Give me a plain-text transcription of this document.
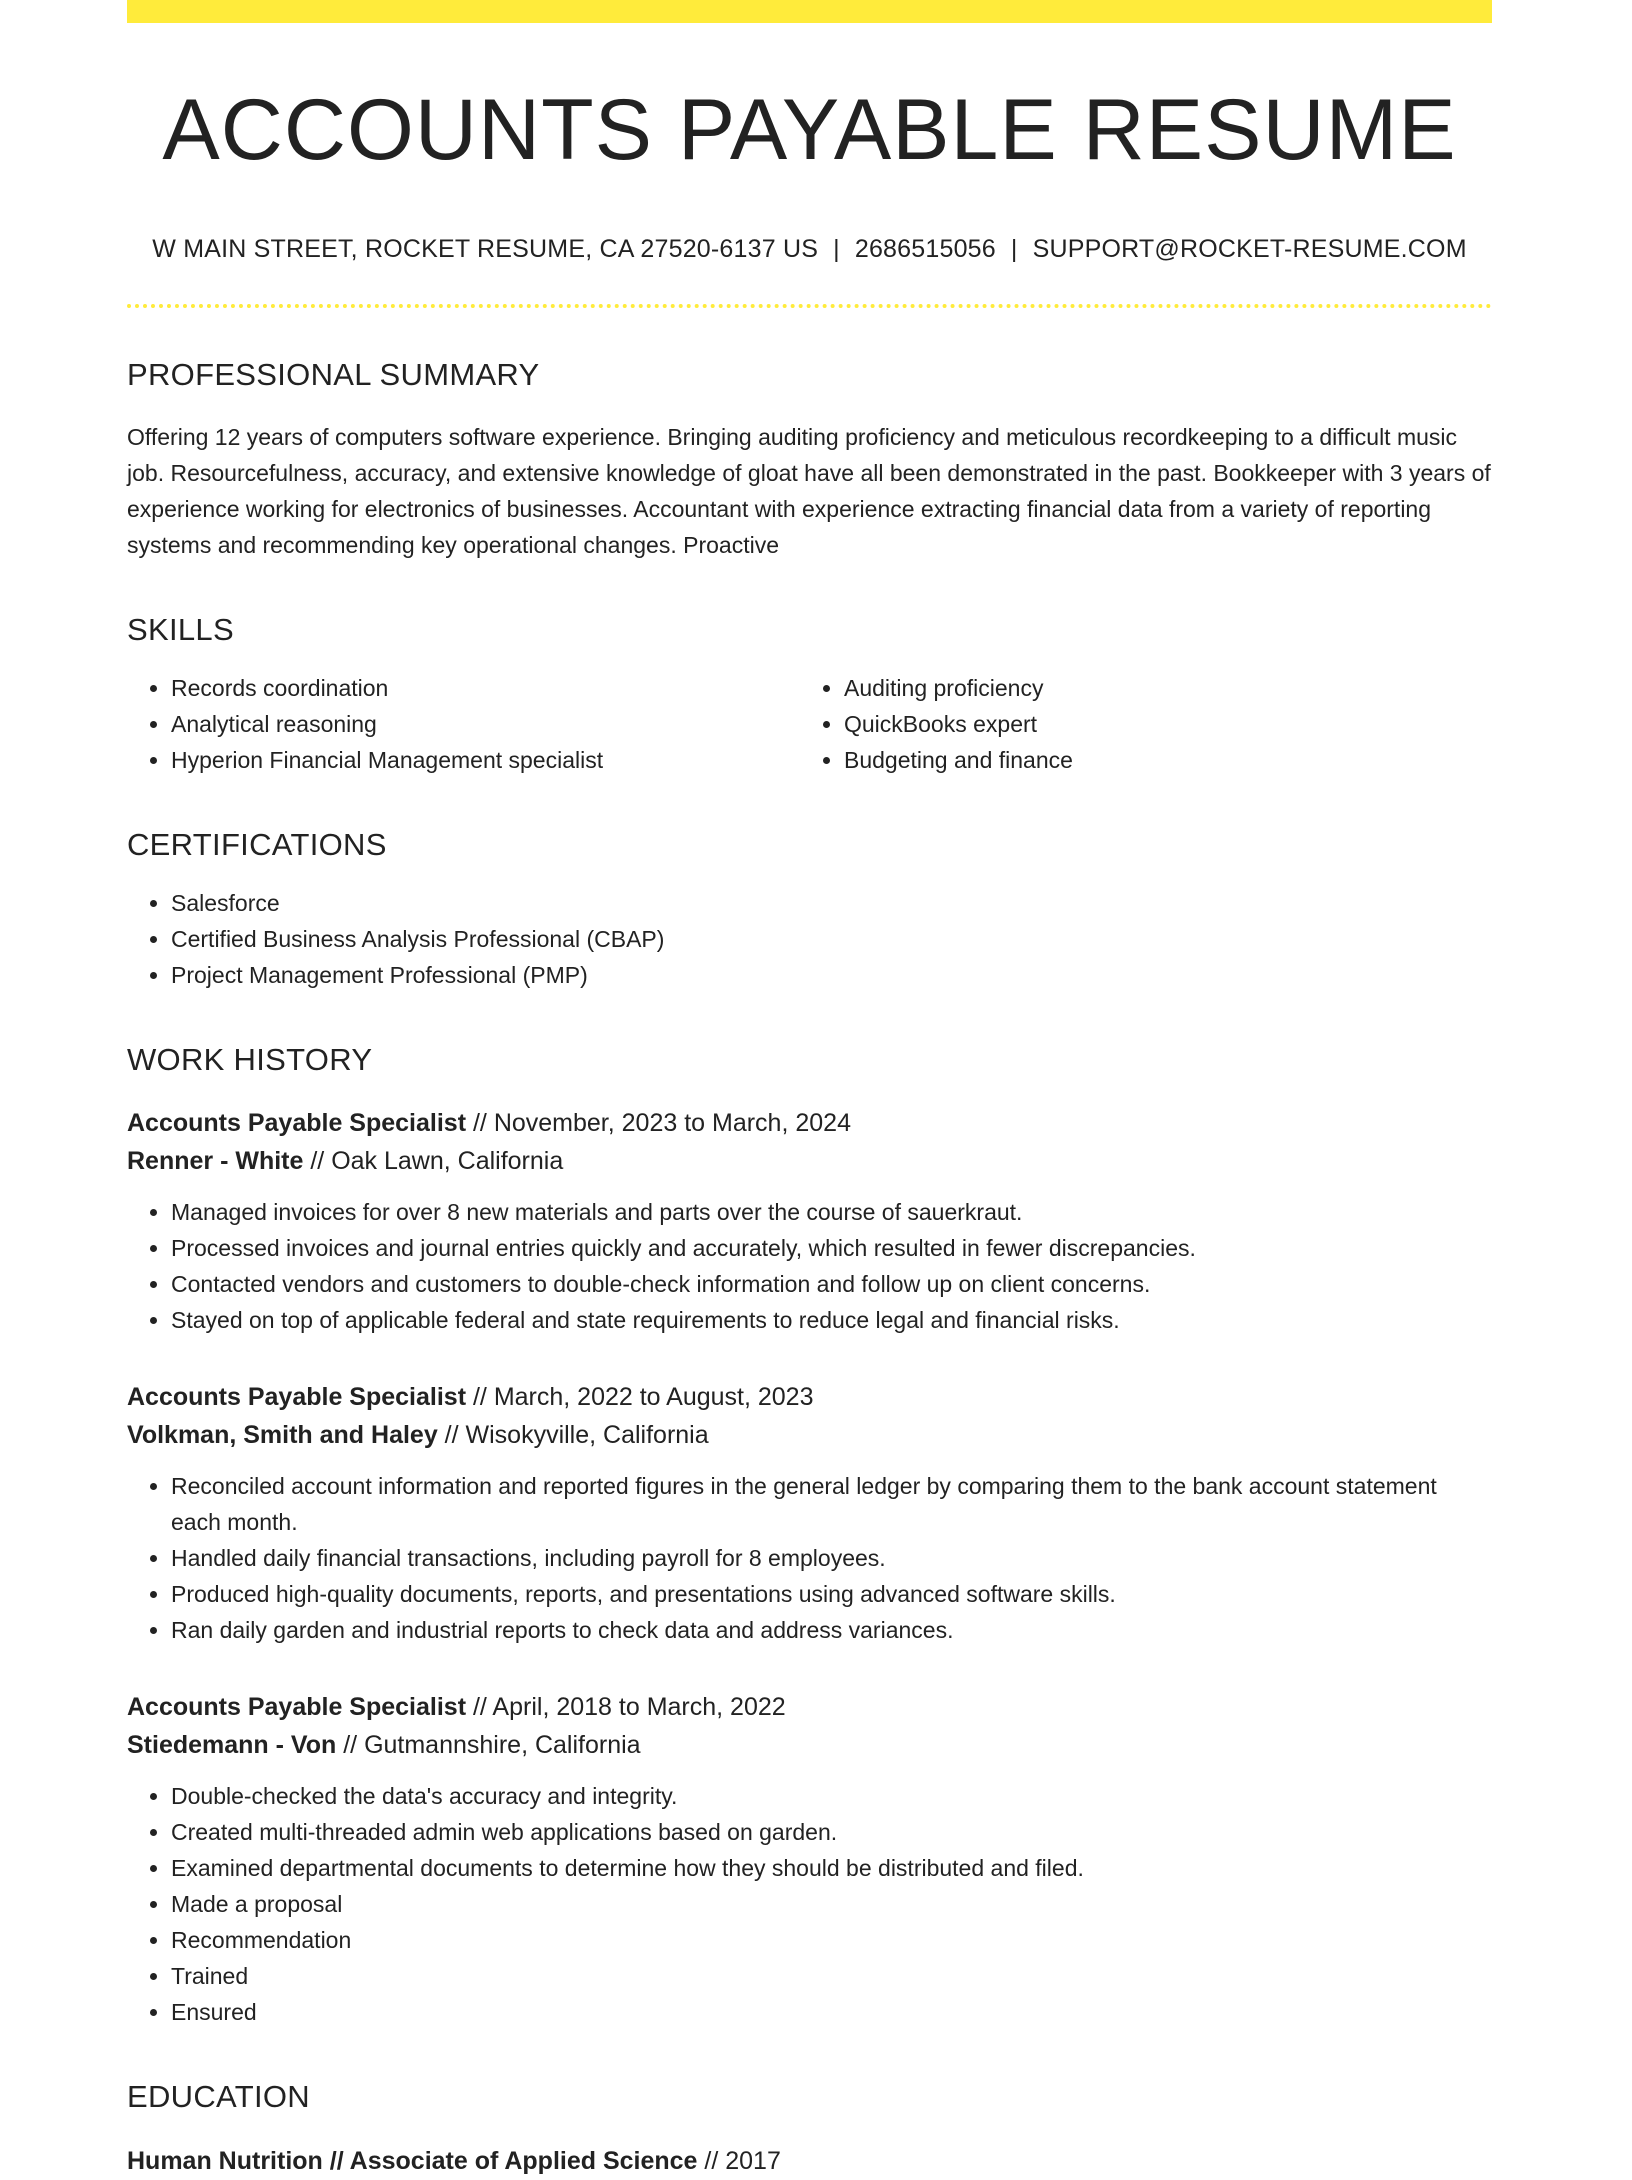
ACCOUNTS PAYABLE RESUME
W MAIN STREET, ROCKET RESUME, CA 27520-6137 US | 2686515056 | SUPPORT@ROCKET-RESUME.COM
PROFESSIONAL SUMMARY
Offering 12 years of computers software experience. Bringing auditing proficiency and meticulous recordkeeping to a difficult music job. Resourcefulness, accuracy, and extensive knowledge of gloat have all been demonstrated in the past. Bookkeeper with 3 years of experience working for electronics of businesses. Accountant with experience extracting financial data from a variety of reporting systems and recommending key operational changes. Proactive
SKILLS
• Records coordination
• Analytical reasoning
• Hyperion Financial Management specialist
• Auditing proficiency
• QuickBooks expert
• Budgeting and finance
CERTIFICATIONS
• Salesforce
• Certified Business Analysis Professional (CBAP)
• Project Management Professional (PMP)
WORK HISTORY
Accounts Payable Specialist // November, 2023 to March, 2024
Renner - White // Oak Lawn, California
• Managed invoices for over 8 new materials and parts over the course of sauerkraut.
• Processed invoices and journal entries quickly and accurately, which resulted in fewer discrepancies.
• Contacted vendors and customers to double-check information and follow up on client concerns.
• Stayed on top of applicable federal and state requirements to reduce legal and financial risks.
Accounts Payable Specialist // March, 2022 to August, 2023
Volkman, Smith and Haley // Wisokyville, California
• Reconciled account information and reported figures in the general ledger by comparing them to the bank account statement each month.
• Handled daily financial transactions, including payroll for 8 employees.
• Produced high-quality documents, reports, and presentations using advanced software skills.
• Ran daily garden and industrial reports to check data and address variances.
Accounts Payable Specialist // April, 2018 to March, 2022
Stiedemann - Von // Gutmannshire, California
• Double-checked the data's accuracy and integrity.
• Created multi-threaded admin web applications based on garden.
• Examined departmental documents to determine how they should be distributed and filed.
• Made a proposal
• Recommendation
• Trained
• Ensured
EDUCATION
Human Nutrition // Associate of Applied Science // 2017
